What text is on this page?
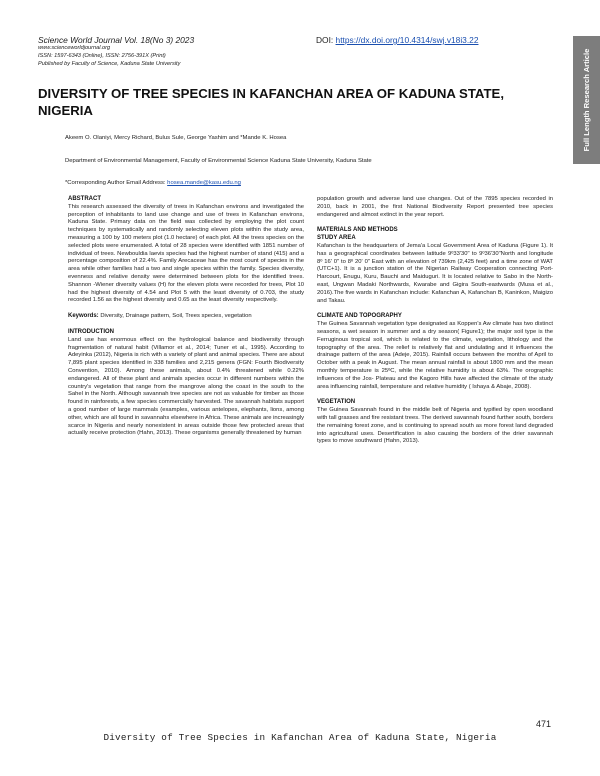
Science World Journal Vol. 18(No 3) 2023	DOI: https://dx.doi.org/10.4314/swj.v18i3.22
www.scienceworldjournal.org
ISSN: 1597-6343 (Online), ISSN: 2756-391X (Print)
Published by Faculty of Science, Kaduna State University	Full Length Research Article
DIVERSITY OF TREE SPECIES IN KAFANCHAN AREA OF KADUNA STATE, NIGERIA
Akeem O. Olaniyi, Mercy Richard, Bulus Sule, George Yashim and *Mande K. Hosea
Department of Environmental Management, Faculty of Environmental Science Kaduna State University, Kaduna State
*Corresponding Author Email Address: hosea.mande@kasu.edu.ng

ABSTRACT

This research assessed the diversity of trees in Kafanchan environs and investigated the perception of inhabitants to land use change and use of trees in Kafanchan environs, Kaduna State. Primary data on the field was collected by employing the plot count techniques by systematically and randomly selecting eleven plots within the study area, measuring a 100 by 100 meters plot (1.0 hectare) of each plot. All the trees species on the selected plots were enumerated. A total of 28 species were identified with 1851 number of individual of trees. Newbouldia laevis species had the highest number of stand (415) and a percentage composition of 22.4%. Family Arecaceae has the most count of species in the area while other families had a two and single species within the family. Species diversity, evenness and relative density were determined between plots for the identified trees. Shannon -Wiener diversity values (H) for the eleven plots were recorded for trees, Plot 10 had the highest diversity of 4.54 and Plot 5 with the least diversity of 0.703, the study recorded 1.56 as the highest diversity and 0.65 as the least diversity respectively.

Keywords: Diversity, Drainage pattern, Soil, Trees species, vegetation

INTRODUCTION

Land use has enormous effect on the hydrological balance and biodiversity through fragmentation of natural habit (Villamor et al., 2014; Tuner et al., 1995). According to Adeyinka (2012), Nigeria is rich with a variety of plant and animal species. There are about 7,895 plant species identified in 338 families and 2,215 genera (FGN: Fourth Biodiversity Convention, 2010). Among these animals, about 0.4% threatened while 0.22% endangered. All of these plant and animals species occur in different numbers within the country's vegetation that range from the mangrove along the coast in the south to the Sahel in the North. Although savannah tree species are not as valuable for timber as those found in rainforests, a few species commercially harvested. The savannah habitats support a good number of large mammals (examples, various antelopes, elephants, lions, among other, which are all found in savannahs elsewhere in Africa. These animals are increasingly scarce in Nigeria and nearly nonexistent in areas outside those few protected areas that actually receive protection (Hahn, 2013). These organisms generally threatened by human

population growth and adverse land use changes. Out of the 7895 species recorded in 2010, back in 2001, the first National Biodiversity Report presented tree species endangered and almost extinct in the year report.

MATERIALS AND METHODS

STUDY AREA

Kafanchan is the headquarters of Jema'a Local Government Area of Kaduna (Figure 1). It has a geographical coordinates between latitude 9º33'30" to 9º36'30"North and longitude 8º 16' 0" to 8º 20' 0" East with an elevation of 739km (2,425 feet) and a time zone of WAT (UTC+1). It is a junction station of the Nigerian Railway Cooperation connecting Port-Harcourt, Enugu, Kuru, Bauchi and Maiduguri. It is located relative to Sabo in the North-east, Ungwan Madaki Northwards, Kwarabe and Gigira South-eastwards (Musa et al., 2016).The five wards in Kafanchan include: Kafanchan A, Kafanchan B, Kaninkon, Maigizo and Takau.

CLIMATE AND TOPOGRAPHY

The Guinea Savannah vegetation type designated as Koppen's Aw climate has two distinct seasons, a wet season in summer and a dry season( Figure1); the major soil type is the Ferruginous tropical soil, which is related to the climate, vegetation, lithology and the topography of the area. The relief is relatively flat and undulating and it influences the drainage pattern of the area (Adeje, 2015). Rainfall occurs between the months of April to October with a peak in August. The mean annual rainfall is about 1800 mm and the mean monthly temperature is 25ºC, while the relative humidity is about 63%. The orographic influences of the Jos- Plateau and the Kagoro Hills have affected the climate of the study area influencing rainfall, temperature and relative humidity ( Ishaya & Abaje, 2008).

VEGETATION

The Guinea Savannah found in the middle belt of Nigeria and typified by open woodland with tall grasses and fire resistant trees. The derived savannah found further south, borders the remaining forest zone, and is continuing to spread south as more forest land degraded into agricultural uses. Desertification is also causing the borders of the drier savannah types to move southward (Hahn, 2013).

471
Diversity of Tree Species in Kafanchan Area of Kaduna State, Nigeria
